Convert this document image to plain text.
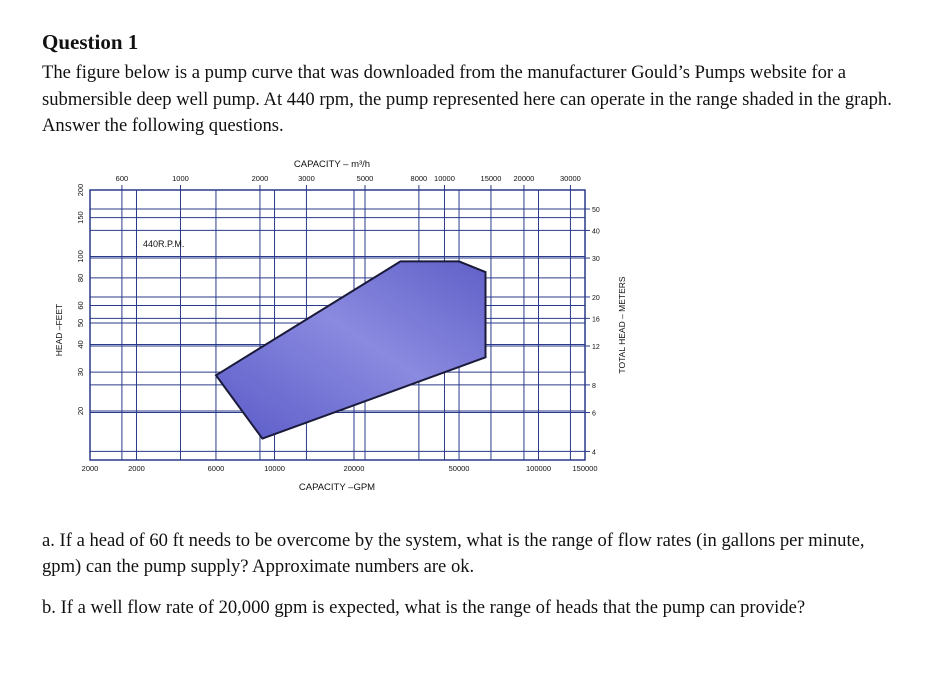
Question 1
The figure below is a pump curve that was downloaded from the manufacturer Gould’s Pumps website for a submersible deep well pump. At 440 rpm, the pump represented here can operate in the range shaded in the graph. Answer the following questions.
600	1000	2000	3000	5000	8000 10000	15000 20000	30000
2000	2000	6000	10000	20000	50000	100000	150000
200
150
100
80
60
50
40
30
20
50
40
30
20
16
12
8
6
4
CAPACITY – m³/h
CAPACITY –GPM
HEAD –FEET	TOTAL HEAD – METERS
440R.P.M.
a. If a head of 60 ft needs to be overcome by the system, what is the range of flow rates (in gallons per minute, gpm) can the pump supply? Approximate numbers are ok.
b. If a well flow rate of 20,000 gpm is expected, what is the range of heads that the pump can provide?
